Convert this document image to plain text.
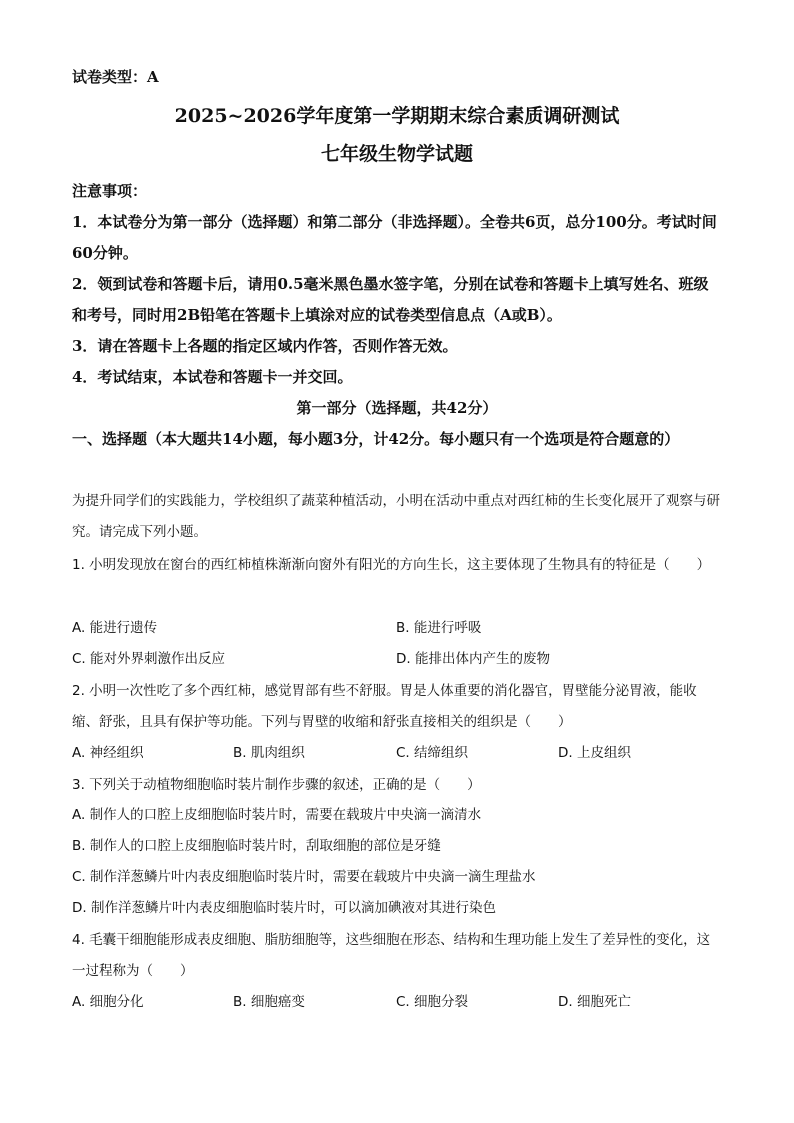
试卷类型：A
2025~2026学年度第一学期期末综合素质调研测试
七年级生物学试题
注意事项：
1．本试卷分为第一部分（选择题）和第二部分（非选择题）。全卷共6页，总分100分。考试时间60分钟。
2．领到试卷和答题卡后，请用0.5毫米黑色墨水签字笔，分别在试卷和答题卡上填写姓名、班级和考号，同时用2B铅笔在答题卡上填涂对应的试卷类型信息点（A或B）。
3．请在答题卡上各题的指定区域内作答，否则作答无效。
4．考试结束，本试卷和答题卡一并交回。
第一部分（选择题，共42分）
一、选择题（本大题共14小题，每小题3分，计42分。每小题只有一个选项是符合题意的）
为提升同学们的实践能力，学校组织了蔬菜种植活动，小明在活动中重点对西红柿的生长变化展开了观察与研究。请完成下列小题。
1. 小明发现放在窗台的西红柿植株渐渐向窗外有阳光的方向生长，这主要体现了生物具有的特征是（　　）
A. 能进行遗传	B. 能进行呼吸
C. 能对外界刺激作出反应	D. 能排出体内产生的废物
2. 小明一次性吃了多个西红柿，感觉胃部有些不舒服。胃是人体重要的消化器官，胃壁能分泌胃液，能收缩、舒张，且具有保护等功能。下列与胃壁的收缩和舒张直接相关的组织是（　　）
A. 神经组织	B. 肌肉组织	C. 结缔组织	D. 上皮组织
3. 下列关于动植物细胞临时装片制作步骤的叙述，正确的是（　　）
A. 制作人的口腔上皮细胞临时装片时，需要在载玻片中央滴一滴清水
B. 制作人的口腔上皮细胞临时装片时，刮取细胞的部位是牙缝
C. 制作洋葱鳞片叶内表皮细胞临时装片时，需要在载玻片中央滴一滴生理盐水
D. 制作洋葱鳞片叶内表皮细胞临时装片时，可以滴加碘液对其进行染色
4. 毛囊干细胞能形成表皮细胞、脂肪细胞等，这些细胞在形态、结构和生理功能上发生了差异性的变化，这一过程称为（　　）
A. 细胞分化	B. 细胞癌变	C. 细胞分裂	D. 细胞死亡
